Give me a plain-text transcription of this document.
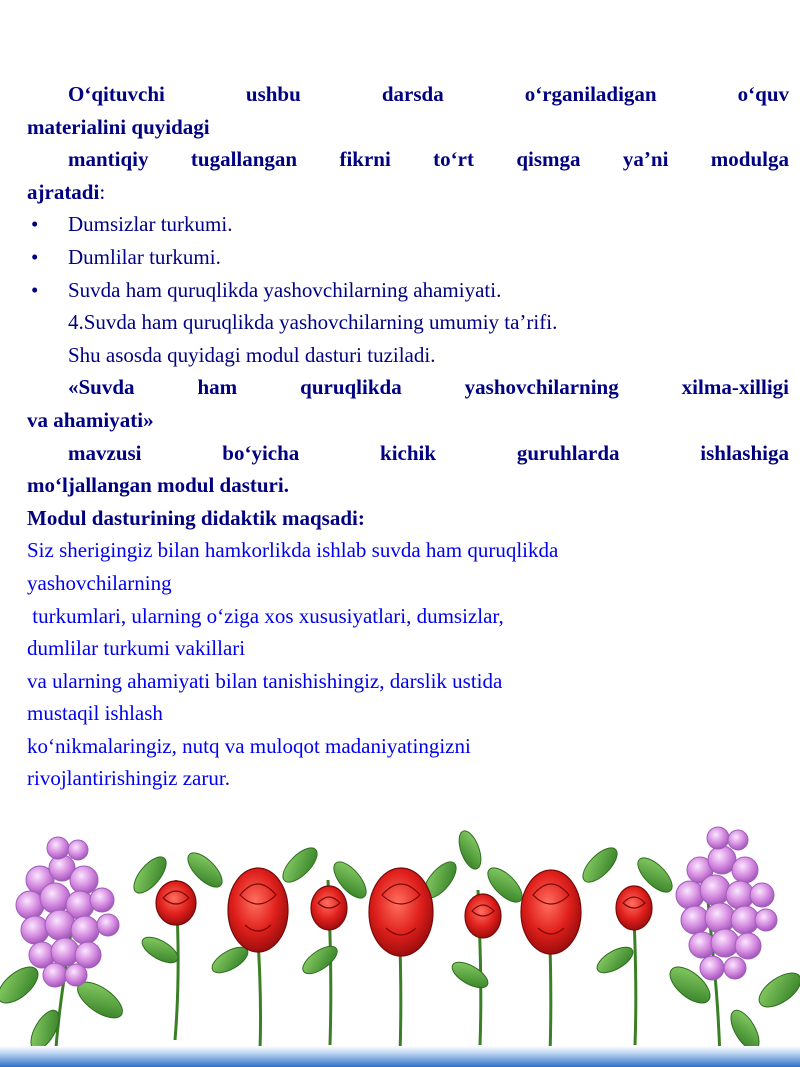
O‘qituvchi ushbu darsda o‘rganiladigan o‘quv
materialini quyidagi

mantiqiy tugallangan fikrni to‘rt qismga ya’ni modulga
ajratadi:

• Dumsizlar turkumi.
• Dumlilar turkumi.
• Suvda ham quruqlikda yashovchilarning ahamiyati.

4.Suvda ham quruqlikda yashovchilarning umumiy ta’rifi.

Shu asosda quyidagi modul dasturi tuziladi.

«Suvda ham quruqlikda yashovchilarning xilma-xilligi
va ahamiyati»

mavzusi bo‘yicha kichik guruhlarda ishlashiga
mo‘ljallangan modul dasturi.

Modul dasturining didaktik maqsadi:

Siz sherigingiz bilan hamkorlikda ishlab suvda ham quruqlikda
yashovchilarning
turkumlari, ularning o‘ziga xos xususiyatlari, dumsizlar,
dumlilar turkumi vakillari
va ularning ahamiyati bilan tanishishingiz, darslik ustida
mustaqil ishlash
ko‘nikmalaringiz, nutq va muloqot madaniyatingizni
rivojlantirishingiz zarur.
